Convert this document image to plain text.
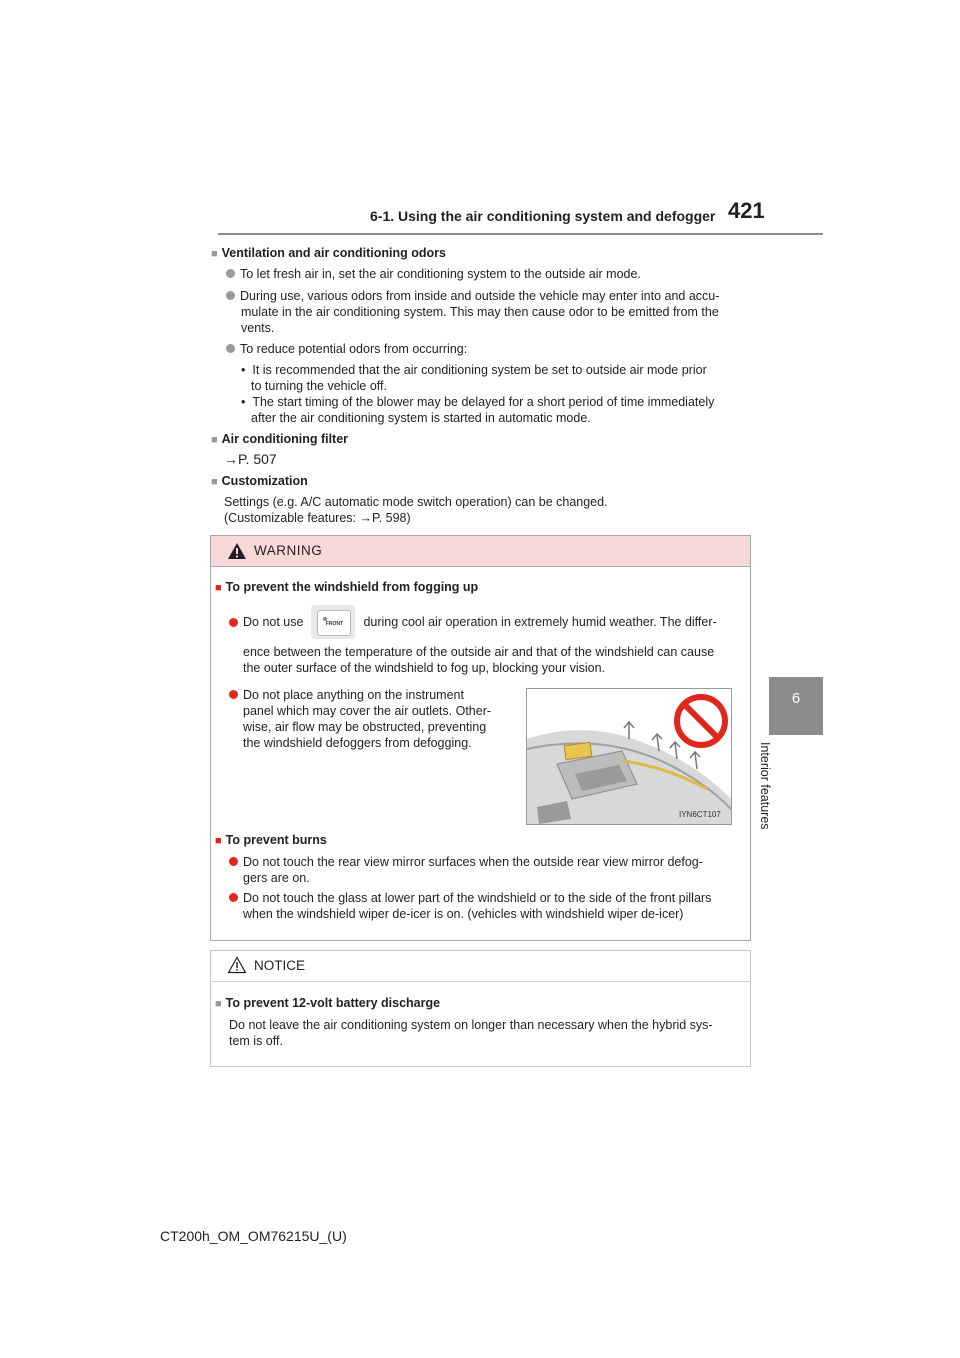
6-1. Using the air conditioning system and defogger 421
6
Interior features
■ Ventilation and air conditioning odors
To let fresh air in, set the air conditioning system to the outside air mode.
During use, various odors from inside and outside the vehicle may enter into and accu-
mulate in the air conditioning system. This may then cause odor to be emitted from the
vents.
To reduce potential odors from occurring:
• It is recommended that the air conditioning system be set to outside air mode prior
to turning the vehicle off.
• The start timing of the blower may be delayed for a short period of time immediately
after the air conditioning system is started in automatic mode.
■ Air conditioning filter
→P. 507
■ Customization
Settings (e.g. A/C automatic mode switch operation) can be changed.
(Customizable features: →P. 598)
WARNING
■ To prevent the windshield from fogging up
Do not use	FRONT	during cool air operation in extremely humid weather. The differ-
ence between the temperature of the outside air and that of the windshield can cause
the outer surface of the windshield to fog up, blocking your vision.
Do not place anything on the instrument
panel which may cover the air outlets. Other-
wise, air flow may be obstructed, preventing
the windshield defoggers from defogging.
IYN6CT107
■ To prevent burns
Do not touch the rear view mirror surfaces when the outside rear view mirror defog-
gers are on.
Do not touch the glass at lower part of the windshield or to the side of the front pillars
when the windshield wiper de-icer is on. (vehicles with windshield wiper de-icer)
NOTICE
■ To prevent 12-volt battery discharge
Do not leave the air conditioning system on longer than necessary when the hybrid sys-
tem is off.
CT200h_OM_OM76215U_(U)
